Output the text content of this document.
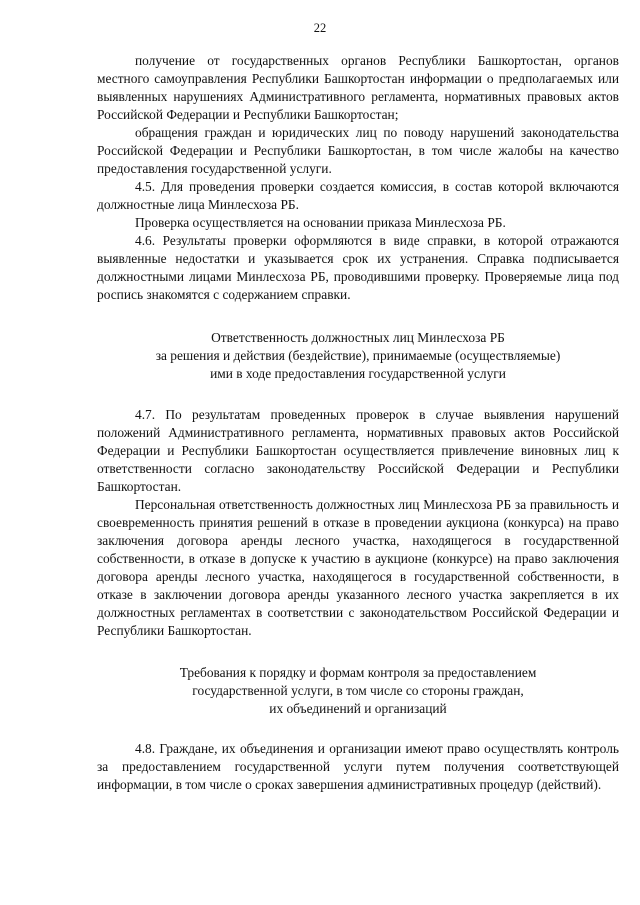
22

получение от государственных органов Республики Башкортостан, органов местного самоуправления Республики Башкортостан информации о предполагаемых или выявленных нарушениях Административного регламента, нормативных правовых актов Российской Федерации и Республики Башкортостан;

обращения граждан и юридических лиц по поводу нарушений законодательства Российской Федерации и Республики Башкортостан, в том числе жалобы на качество предоставления государственной услуги.

4.5. Для проведения проверки создается комиссия, в состав которой включаются должностные лица Минлесхоза РБ.

Проверка осуществляется на основании приказа Минлесхоза РБ.

4.6. Результаты проверки оформляются в виде справки, в которой отражаются выявленные недостатки и указывается срок их устранения. Справка подписывается должностными лицами Минлесхоза РБ, проводившими проверку. Проверяемые лица под роспись знакомятся с содержанием справки.

Ответственность должностных лиц Минлесхоза РБ
за решения и действия (бездействие), принимаемые (осуществляемые)
ими в ходе предоставления государственной услуги

4.7. По результатам проведенных проверок в случае выявления нарушений положений Административного регламента, нормативных правовых актов Российской Федерации и Республики Башкортостан осуществляется привлечение виновных лиц к ответственности согласно законодательству Российской Федерации и Республики Башкортостан.

Персональная ответственность должностных лиц Минлесхоза РБ за правильность и своевременность принятия решений в отказе в проведении аукциона (конкурса) на право заключения договора аренды лесного участка, находящегося в государственной собственности, в отказе в допуске к участию в аукционе (конкурсе) на право заключения договора аренды лесного участка, находящегося в государственной собственности, в отказе в заключении договора аренды указанного лесного участка закрепляется в их должностных регламентах в соответствии с законодательством Российской Федерации и Республики Башкортостан.

Требования к порядку и формам контроля за предоставлением
государственной услуги, в том числе со стороны граждан,
их объединений и организаций

4.8. Граждане, их объединения и организации имеют право осуществлять контроль за предоставлением государственной услуги путем получения соответствующей информации, в том числе о сроках завершения административных процедур (действий).
